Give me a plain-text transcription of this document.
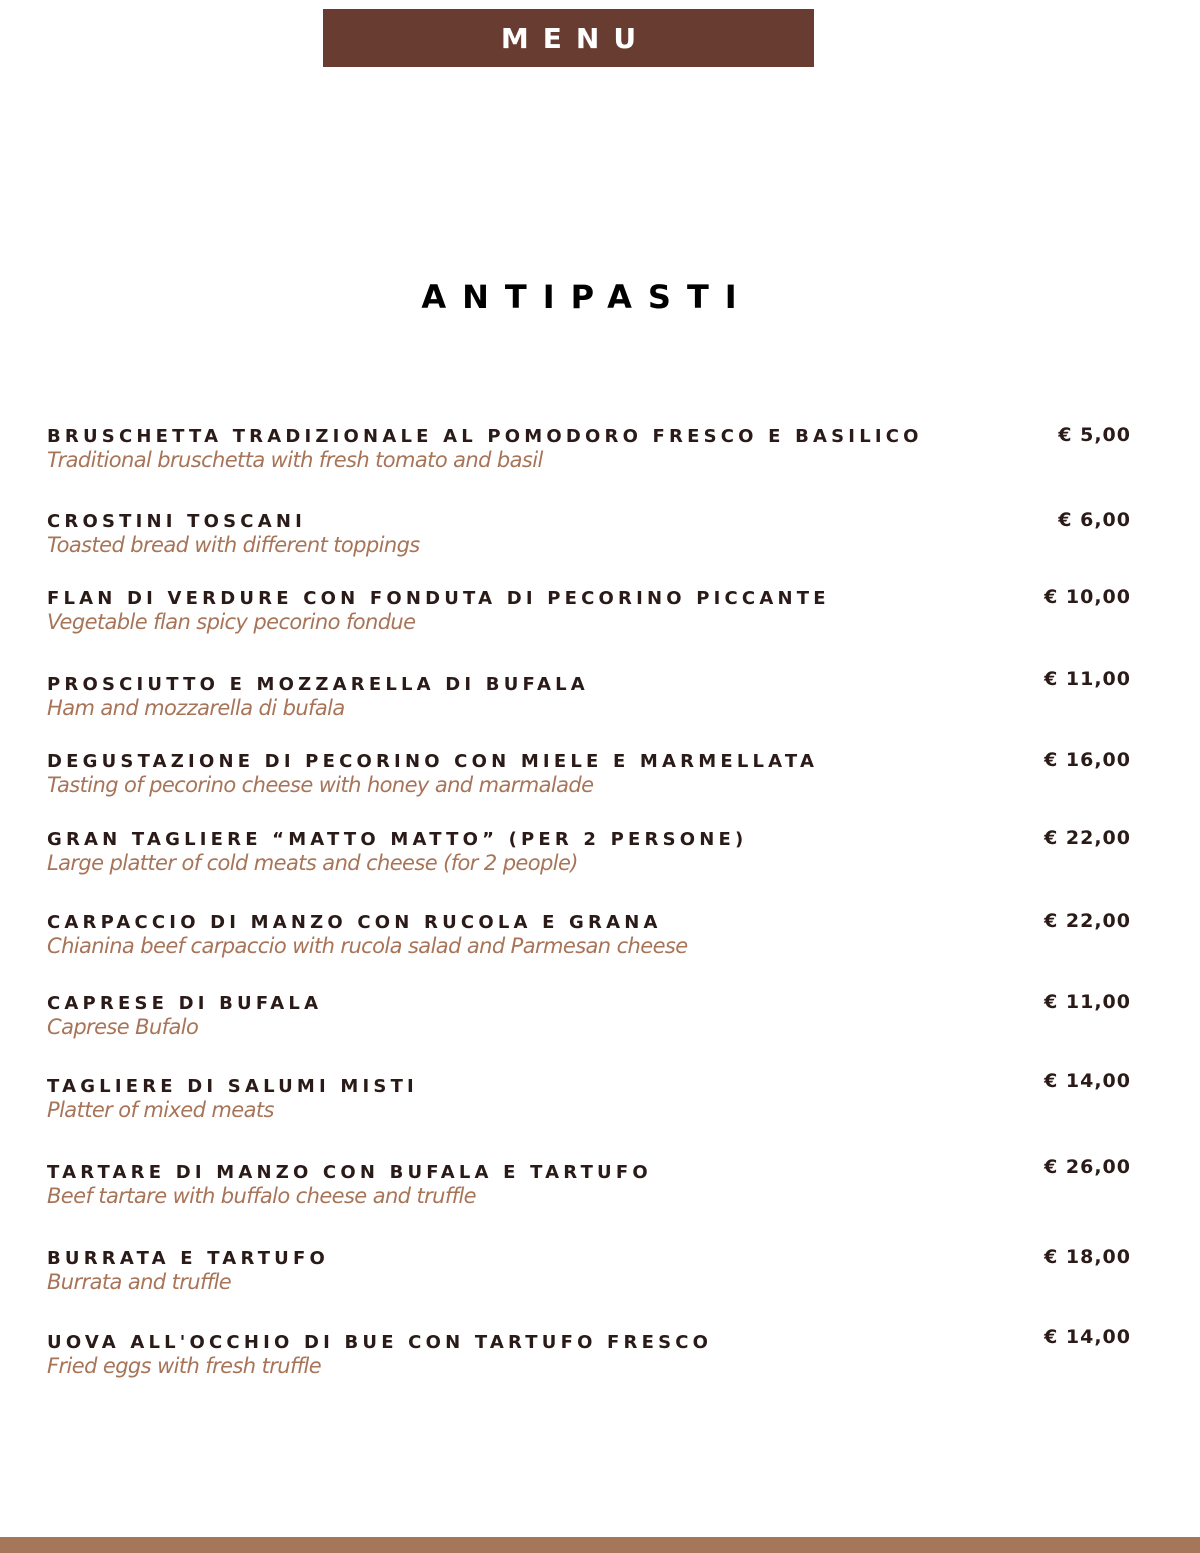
MENU
ANTIPASTI
BRUSCHETTA TRADIZIONALE AL POMODORO FRESCO E BASILICO
Traditional bruschetta with fresh tomato and basil
€ 5,00
CROSTINI TOSCANI
Toasted bread with different toppings
€ 6,00
FLAN DI VERDURE CON FONDUTA DI PECORINO PICCANTE
Vegetable flan spicy pecorino fondue
€ 10,00
PROSCIUTTO E MOZZARELLA DI BUFALA
Ham and mozzarella di bufala
€ 11,00
DEGUSTAZIONE DI PECORINO CON MIELE E MARMELLATA
Tasting of pecorino cheese with honey and marmalade
€ 16,00
GRAN TAGLIERE “MATTO MATTO” (PER 2 PERSONE)
Large platter of cold meats and cheese (for 2 people)
€ 22,00
CARPACCIO DI MANZO CON RUCOLA E GRANA
Chianina beef carpaccio with rucola salad and Parmesan cheese
€ 22,00
CAPRESE DI BUFALA
Caprese Bufalo
€ 11,00
TAGLIERE DI SALUMI MISTI
Platter of mixed meats
€ 14,00
TARTARE DI MANZO CON BUFALA E TARTUFO
Beef tartare with buffalo cheese and truffle
€ 26,00
BURRATA E TARTUFO
Burrata and truffle
€ 18,00
UOVA ALL'OCCHIO DI BUE CON TARTUFO FRESCO
Fried eggs with fresh truffle
€ 14,00
